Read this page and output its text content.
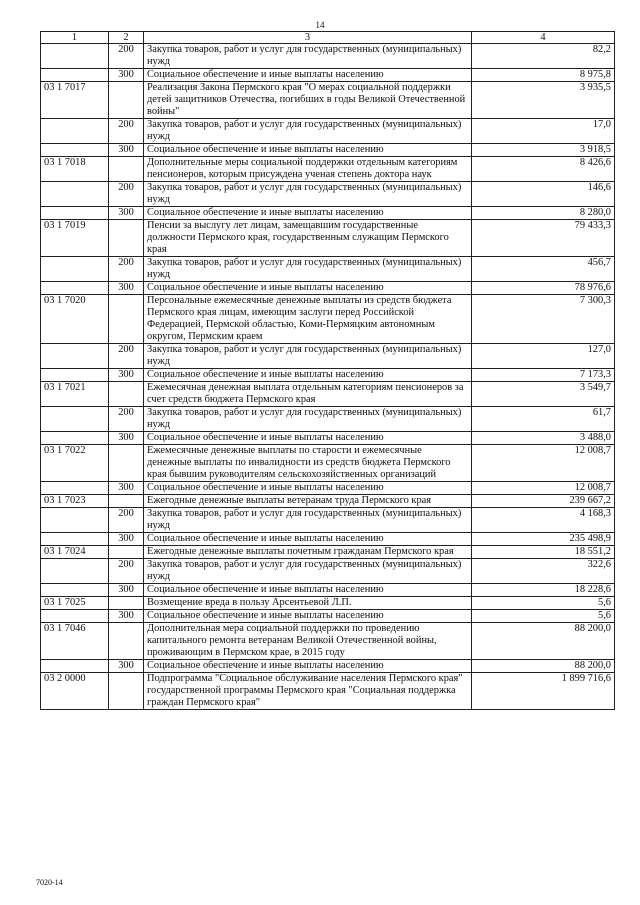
14
1	2	3	4
	200	Закупка товаров, работ и услуг для государственных (муниципальных) нужд	82,2
	300	Социальное обеспечение и иные выплаты населению	8 975,8
03 1 7017		Реализация Закона Пермского края "О мерах социальной поддержки детей защитников Отечества, погибших в годы Великой Отечественной войны"	3 935,5
	200	Закупка товаров, работ и услуг для государственных (муниципальных) нужд	17,0
	300	Социальное обеспечение и иные выплаты населению	3 918,5
03 1 7018		Дополнительные меры социальной поддержки отдельным категориям пенсионеров, которым присуждена ученая степень доктора наук	8 426,6
	200	Закупка товаров, работ и услуг для государственных (муниципальных) нужд	146,6
	300	Социальное обеспечение и иные выплаты населению	8 280,0
03 1 7019		Пенсии за выслугу лет лицам, замещавшим государственные должности Пермского края, государственным служащим Пермского края	79 433,3
	200	Закупка товаров, работ и услуг для государственных (муниципальных) нужд	456,7
	300	Социальное обеспечение и иные выплаты населению	78 976,6
03 1 7020		Персональные ежемесячные денежные выплаты из средств бюджета Пермского края лицам, имеющим заслуги перед Российской Федерацией, Пермской областью, Коми-Пермяцким автономным округом, Пермским краем	7 300,3
	200	Закупка товаров, работ и услуг для государственных (муниципальных) нужд	127,0
	300	Социальное обеспечение и иные выплаты населению	7 173,3
03 1 7021		Ежемесячная денежная выплата отдельным категориям пенсионеров за счет средств бюджета Пермского края	3 549,7
	200	Закупка товаров, работ и услуг для государственных (муниципальных) нужд	61,7
	300	Социальное обеспечение и иные выплаты населению	3 488,0
03 1 7022		Ежемесячные денежные выплаты по старости и ежемесячные денежные выплаты по инвалидности из средств бюджета Пермского края бывшим руководителям сельскохозяйственных организаций	12 008,7
	300	Социальное обеспечение и иные выплаты населению	12 008,7
03 1 7023		Ежегодные денежные выплаты ветеранам труда Пермского края	239 667,2
	200	Закупка товаров, работ и услуг для государственных (муниципальных) нужд	4 168,3
	300	Социальное обеспечение и иные выплаты населению	235 498,9
03 1 7024		Ежегодные денежные выплаты почетным гражданам Пермского края	18 551,2
	200	Закупка товаров, работ и услуг для государственных (муниципальных) нужд	322,6
	300	Социальное обеспечение и иные выплаты населению	18 228,6
03 1 7025		Возмещение вреда в пользу Арсентьевой Л.П.	5,6
	300	Социальное обеспечение и иные выплаты населению	5,6
03 1 7046		Дополнительная мера социальной поддержки по проведению капитального ремонта ветеранам Великой Отечественной войны, проживающим в Пермском крае, в 2015 году	88 200,0
	300	Социальное обеспечение и иные выплаты населению	88 200,0
03 2 0000		Подпрограмма "Социальное обслуживание населения Пермского края" государственной программы Пермского края "Социальная поддержка граждан Пермского края"	1 899 716,6
7020-14
